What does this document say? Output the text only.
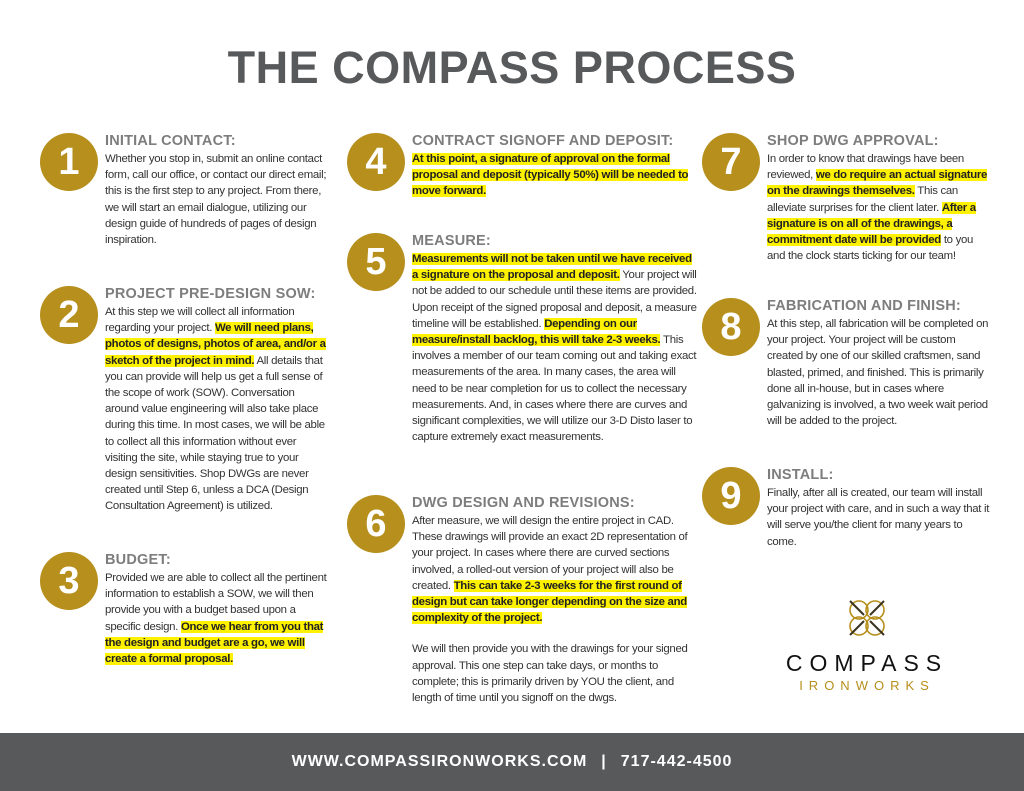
THE COMPASS PROCESS
1	INITIAL CONTACT:

Whether you stop in, submit an online contact form, call our office, or contact our direct email; this is the first step to any project. From there, we will start an email dialogue, utilizing our design guide of hundreds of pages of design inspiration.

2	PROJECT PRE-DESIGN SOW:

At this step we will collect all information regarding your project. We will need plans, photos of designs, photos of area, and/or a sketch of the project in mind. All details that you can provide will help us get a full sense of the scope of work (SOW). Conversation around value engineering will also take place during this time. In most cases, we will be able to collect all this information without ever visiting the site, while staying true to your design sensitivities. Shop DWGs are never created until Step 6, unless a DCA (Design Consultation Agreement) is utilized.

3	BUDGET:

Provided we are able to collect all the pertinent information to establish a SOW, we will then provide you with a budget based upon a specific design. Once we hear from you that the design and budget are a go, we will create a formal proposal.

4	CONTRACT SIGNOFF AND DEPOSIT:

At this point, a signature of approval on the formal proposal and deposit (typically 50%) will be needed to move forward.

5	MEASURE:

Measurements will not be taken until we have received a signature on the proposal and deposit. Your project will not be added to our schedule until these items are provided. Upon receipt of the signed proposal and deposit, a measure timeline will be established. Depending on our measure/install backlog, this will take 2-3 weeks. This involves a member of our team coming out and taking exact measurements of the area. In many cases, the area will need to be near completion for us to collect the necessary measurements. And, in cases where there are curves and significant complexities, we will utilize our 3-D Disto laser to capture extremely exact measurements.

6	DWG DESIGN AND REVISIONS:

After measure, we will design the entire project in CAD. These drawings will provide an exact 2D representation of your project. In cases where there are curved sections involved, a rolled-out version of your project will also be created. This can take 2-3 weeks for the first round of design but can take longer depending on the size and complexity of the project.

We will then provide you with the drawings for your signed approval. This one step can take days, or months to complete; this is primarily driven by YOU the client, and length of time until you signoff on the dwgs.

7	SHOP DWG APPROVAL:

In order to know that drawings have been reviewed, we do require an actual signature on the drawings themselves. This can alleviate surprises for the client later. After a signature is on all of the drawings, a commitment date will be provided to you and the clock starts ticking for our team!

8	FABRICATION AND FINISH:

At this step, all fabrication will be completed on your project. Your project will be custom created by one of our skilled craftsmen, sand blasted, primed, and finished. This is primarily done all in-house, but in cases where galvanizing is involved, a two week wait period will be added to the project.

9	INSTALL:

Finally, after all is created, our team will install your project with care, and in such a way that it will serve you/the client for many years to come.

COMPASS
IRONWORKS
WWW.COMPASSIRONWORKS.COM | 717-442-4500
